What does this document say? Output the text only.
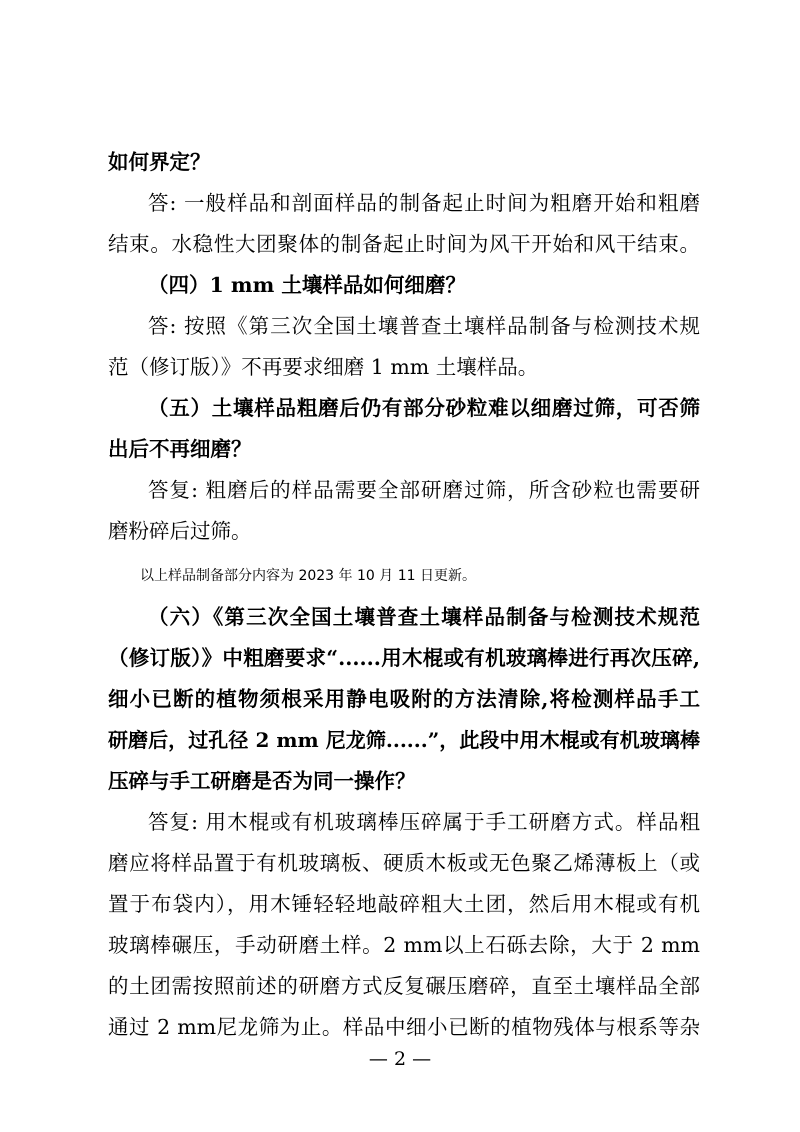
如何界定？
答: 一般样品和剖面样品的制备起止时间为粗磨开始和粗磨
结束。水稳性大团聚体的制备起止时间为风干开始和风干结束。
（四）1 mm 土壤样品如何细磨？
答: 按照《第三次全国土壤普查土壤样品制备与检测技术规
范（修订版）》不再要求细磨 1 mm 土壤样品。
（五）土壤样品粗磨后仍有部分砂粒难以细磨过筛，可否筛
出后不再细磨？
答复: 粗磨后的样品需要全部研磨过筛，所含砂粒也需要研
磨粉碎后过筛。
以上样品制备部分内容为 2023 年 10 月 11 日更新。
（六）《第三次全国土壤普查土壤样品制备与检测技术规范
（修订版）》中粗磨要求“......用木棍或有机玻璃棒进行再次压碎,
细小已断的植物须根采用静电吸附的方法清除,将检测样品手工
研磨后，过孔径 2 mm 尼龙筛......”，此段中用木棍或有机玻璃棒
压碎与手工研磨是否为同一操作？
答复: 用木棍或有机玻璃棒压碎属于手工研磨方式。样品粗
磨应将样品置于有机玻璃板、硬质木板或无色聚乙烯薄板上（或
置于布袋内），用木锤轻轻地敲碎粗大土团，然后用木棍或有机
玻璃棒碾压，手动研磨土样。2 mm以上石砾去除，大于 2 mm
的土团需按照前述的研磨方式反复碾压磨碎，直至土壤样品全部
通过 2 mm尼龙筛为止。样品中细小已断的植物残体与根系等杂
— 2 —
